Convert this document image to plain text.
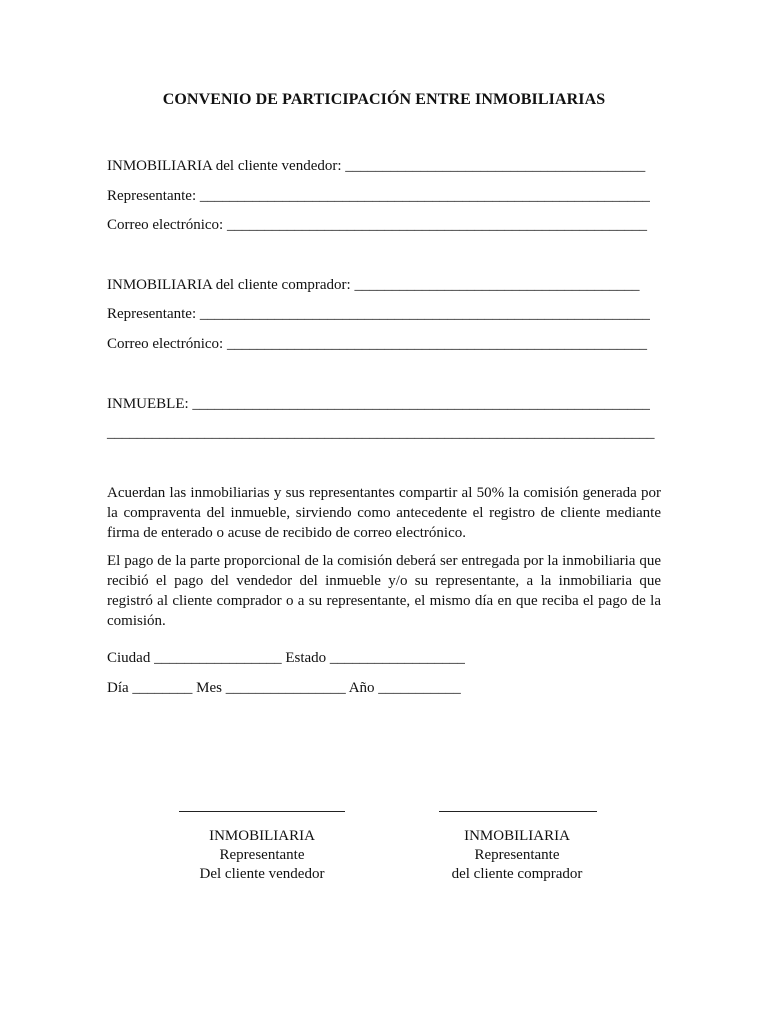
CONVENIO DE PARTICIPACIÓN ENTRE INMOBILIARIAS
INMOBILIARIA del cliente vendedor: ________________________________________
Representante: ____________________________________________________________
Correo electrónico: ________________________________________________________
INMOBILIARIA del cliente comprador: ______________________________________
Representante: ____________________________________________________________
Correo electrónico: ________________________________________________________
INMUEBLE: _____________________________________________________________
_________________________________________________________________________

Acuerdan las inmobiliarias y sus representantes compartir al 50% la comisión generada por la compraventa del inmueble, sirviendo como antecedente el registro de cliente mediante firma de enterado o acuse de recibido de correo electrónico.

El pago de la parte proporcional de la comisión deberá ser entregada por la inmobiliaria que recibió el pago del vendedor del inmueble y/o su representante, a la inmobiliaria que registró al cliente comprador o a su representante, el mismo día en que reciba el pago de la comisión.

Ciudad _________________ Estado __________________
Día ________ Mes ________________ Año ___________
INMOBILIARIA
Representante
Del cliente vendedor
INMOBILIARIA
Representante
del cliente comprador
